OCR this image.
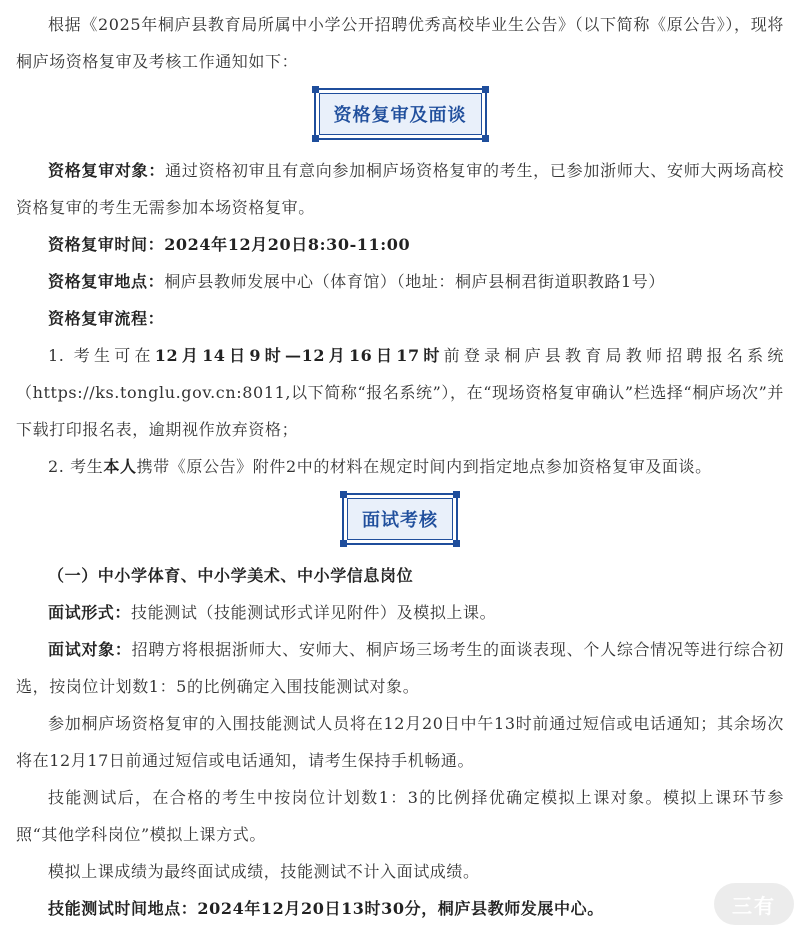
根据《2025年桐庐县教育局所属中小学公开招聘优秀高校毕业生公告》（以下简称《原公告》），现将桐庐场资格复审及考核工作通知如下：

资格复审及面谈

资格复审对象：通过资格初审且有意向参加桐庐场资格复审的考生，已参加浙师大、安师大两场高校资格复审的考生无需参加本场资格复审。

资格复审时间：2024年12月20日8:30-11:00

资格复审地点：桐庐县教师发展中心（体育馆）（地址：桐庐县桐君街道职教路1号）

资格复审流程：

1. 考生可在12月14日9时—12月16日17时前登录桐庐县教育局教师招聘报名系统（https://ks.tonglu.gov.cn:8011,以下简称“报名系统”），在“现场资格复审确认”栏选择“桐庐场次”并下载打印报名表，逾期视作放弃资格；

2. 考生本人携带《原公告》附件2中的材料在规定时间内到指定地点参加资格复审及面谈。

面试考核

（一）中小学体育、中小学美术、中小学信息岗位

面试形式：技能测试（技能测试形式详见附件）及模拟上课。

面试对象：招聘方将根据浙师大、安师大、桐庐场三场考生的面谈表现、个人综合情况等进行综合初选，按岗位计划数1：5的比例确定入围技能测试对象。

参加桐庐场资格复审的入围技能测试人员将在12月20日中午13时前通过短信或电话通知；其余场次将在12月17日前通过短信或电话通知，请考生保持手机畅通。

技能测试后，在合格的考生中按岗位计划数1：3的比例择优确定模拟上课对象。模拟上课环节参照“其他学科岗位”模拟上课方式。

模拟上课成绩为最终面试成绩，技能测试不计入面试成绩。

技能测试时间地点：2024年12月20日13时30分，桐庐县教师发展中心。	三有
